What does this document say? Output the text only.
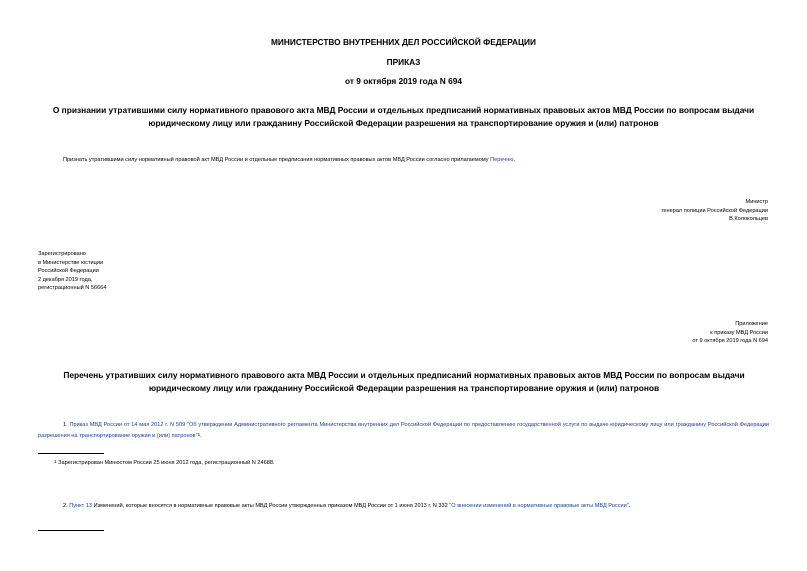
МИНИСТЕРСТВО ВНУТРЕННИХ ДЕЛ РОССИЙСКОЙ ФЕДЕРАЦИИ
ПРИКАЗ
от 9 октября 2019 года N 694
О признании утратившими силу нормативного правового акта МВД России и отдельных предписаний нормативных правовых актов МВД России по вопросам выдачи юридическому лицу или гражданину Российской Федерации разрешения на транспортирование оружия и (или) патронов
Признать утратившими силу нормативный правовой акт МВД России и отдельные предписания нормативных правовых актов МВД России согласно прилагаемому Перечню.
Министр
генерал полиции Российской Федерации
В.Колокольцев
Зарегистрировано
в Министерстве юстиции
Российской Федерации
2 декабря 2019 года,
регистрационный N 56664
Приложение
к приказу МВД России
от 9 октября 2019 года N 694
Перечень утративших силу нормативного правового акта МВД России и отдельных предписаний нормативных правовых актов МВД России по вопросам выдачи юридическому лицу или гражданину Российской Федерации разрешения на транспортирование оружия и (или) патронов
1. Приказ МВД России от 14 мая 2012 г. N 509 "Об утверждении Административного регламента Министерства внутренних дел Российской Федерации по предоставлению государственной услуги по выдаче юридическому лицу или гражданину Российской Федерации разрешения на транспортирование оружия и (или) патронов"$^1$.
1 Зарегистрирован Минюстом России 25 июня 2012 года, регистрационный N 24688.
2. Пункт 13 Изменений, которые вносятся в нормативные правовые акты МВД России утвержденных приказом МВД России от 1 июня 2013 г. N 332 "О внесении изменений в нормативные правовые акты МВД России".
